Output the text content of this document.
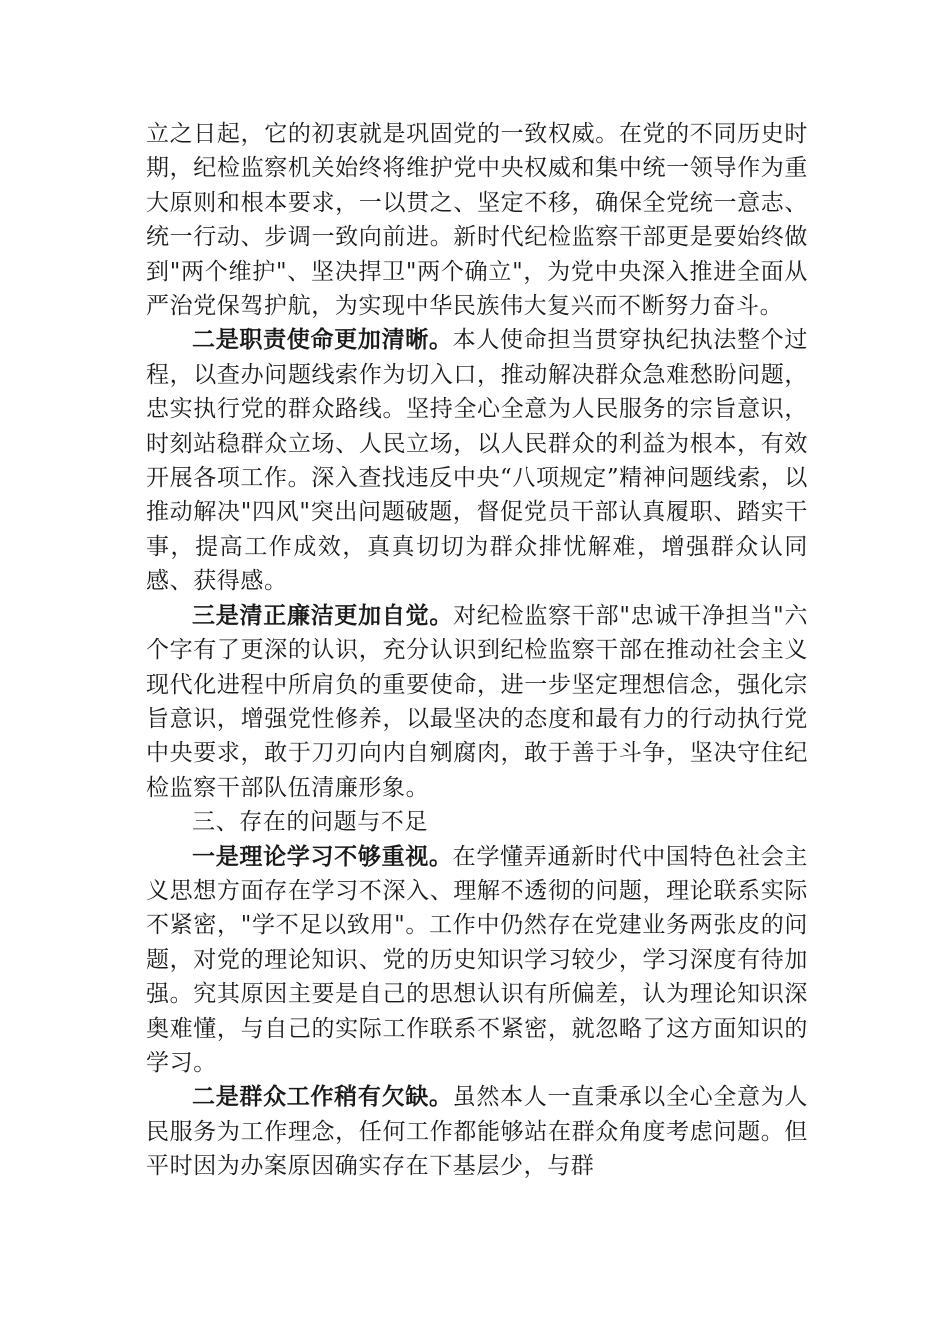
立之日起，它的初衷就是巩固党的一致权威。在党的不同历史时期，纪检监察机关始终将维护党中央权威和集中统一领导作为重大原则和根本要求，一以贯之、坚定不移，确保全党统一意志、统一行动、步调一致向前进。新时代纪检监察干部更是要始终做到"两个维护"、坚决捍卫"两个确立"，为党中央深入推进全面从严治党保驾护航，为实现中华民族伟大复兴而不断努力奋斗。

二是职责使命更加清晰。本人使命担当贯穿执纪执法整个过程，以查办问题线索作为切入口，推动解决群众急难愁盼问题，忠实执行党的群众路线。坚持全心全意为人民服务的宗旨意识，时刻站稳群众立场、人民立场，以人民群众的利益为根本，有效开展各项工作。深入查找违反中央“八项规定”精神问题线索，以推动解决"四风"突出问题破题，督促党员干部认真履职、踏实干事，提高工作成效，真真切切为群众排忧解难，增强群众认同感、获得感。

三是清正廉洁更加自觉。对纪检监察干部"忠诚干净担当"六个字有了更深的认识，充分认识到纪检监察干部在推动社会主义现代化进程中所肩负的重要使命，进一步坚定理想信念，强化宗旨意识，增强党性修养，以最坚决的态度和最有力的行动执行党中央要求，敢于刀刃向内自剜腐肉，敢于善于斗争，坚决守住纪检监察干部队伍清廉形象。

三、存在的问题与不足

一是理论学习不够重视。在学懂弄通新时代中国特色社会主义思想方面存在学习不深入、理解不透彻的问题，理论联系实际不紧密，"学不足以致用"。工作中仍然存在党建业务两张皮的问题，对党的理论知识、党的历史知识学习较少，学习深度有待加强。究其原因主要是自己的思想认识有所偏差，认为理论知识深奥难懂，与自己的实际工作联系不紧密，就忽略了这方面知识的学习。

二是群众工作稍有欠缺。虽然本人一直秉承以全心全意为人民服务为工作理念，任何工作都能够站在群众角度考虑问题。但平时因为办案原因确实存在下基层少，与群
